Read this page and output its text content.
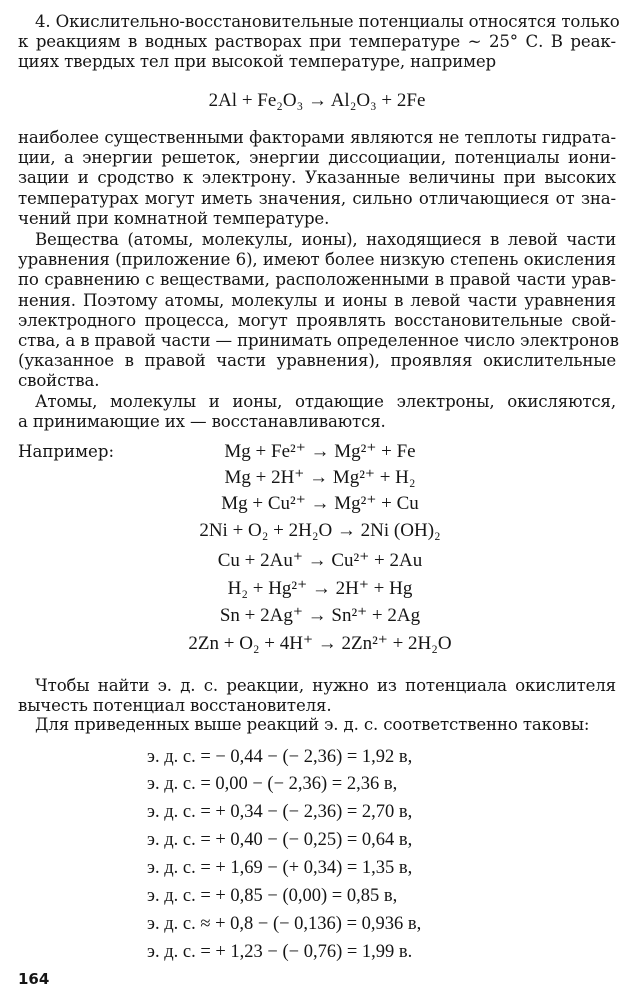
4. Окислительно-восстановительные потенциалы относятся только
к реакциям в водных растворах при температуре ~ 25° С. В реак-
циях твердых тел при высокой температуре, например
2Al + Fe₂O₃ → Al₂O₃ + 2Fe
наиболее существенными факторами являются не теплоты гидрата-
ции, а энергии решеток, энергии диссоциации, потенциалы иони-
зации и сродство к электрону. Указанные величины при высоких
температурах могут иметь значения, сильно отличающиеся от зна-
чений при комнатной температуре.
Вещества (атомы, молекулы, ионы), находящиеся в левой части
уравнения (приложение 6), имеют более низкую степень окисления
по сравнению с веществами, расположенными в правой части урав-
нения. Поэтому атомы, молекулы и ионы в левой части уравнения
электродного процесса, могут проявлять восстановительные свой-
ства, а в правой части — принимать определенное число электронов
(указанное в правой части уравнения), проявляя окислительные
свойства.
Атомы, молекулы и ионы, отдающие электроны, окисляются,
а принимающие их — восстанавливаются.
Например:	Mg + Fe²⁺ → Mg²⁺ + Fe
Mg + 2H⁺ → Mg²⁺ + H₂
Mg + Cu²⁺ → Mg²⁺ + Cu
2Ni + O₂ + 2H₂O → 2Ni (OH)₂
Cu + 2Au⁺ → Cu²⁺ + 2Au
H₂ + Hg²⁺ → 2H⁺ + Hg
Sn + 2Ag⁺ → Sn²⁺ + 2Ag
2Zn + O₂ + 4H⁺ → 2Zn²⁺ + 2H₂O
Чтобы найти э. д. с. реакции, нужно из потенциала окислителя
вычесть потенциал восстановителя.
Для приведенных выше реакций э. д. с. соответственно таковы:
э. д. с. = − 0,44 − (− 2,36) = 1,92 в,
э. д. с. = 0,00 − (− 2,36) = 2,36 в,
э. д. с. = + 0,34 − (− 2,36) = 2,70 в,
э. д. с. = + 0,40 − (− 0,25) = 0,64 в,
э. д. с. = + 1,69 − (+ 0,34) = 1,35 в,
э. д. с. = + 0,85 − (0,00) = 0,85 в,
э. д. с. ≈ + 0,8 − (− 0,136) = 0,936 в,
э. д. с. = + 1,23 − (− 0,76) = 1,99 в.
164
